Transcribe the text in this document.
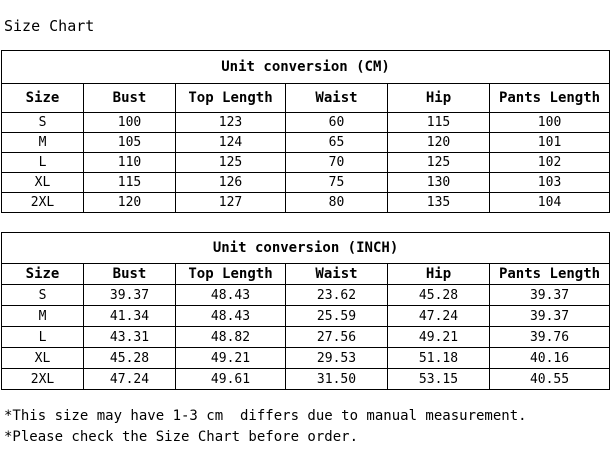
Size Chart
Unit conversion (CM)					
Size	Bust	Top Length	Waist	Hip	Pants Length
S	100	123	60	115	100
M	105	124	65	120	101
L	110	125	70	125	102
XL	115	126	75	130	103
2XL	120	127	80	135	104
Unit conversion (INCH)					
Size	Bust	Top Length	Waist	Hip	Pants Length
S	39.37	48.43	23.62	45.28	39.37
M	41.34	48.43	25.59	47.24	39.37
L	43.31	48.82	27.56	49.21	39.76
XL	45.28	49.21	29.53	51.18	40.16
2XL	47.24	49.61	31.50	53.15	40.55
*This size may have 1-3 cm  differs due to manual measurement.
*Please check the Size Chart before order.
